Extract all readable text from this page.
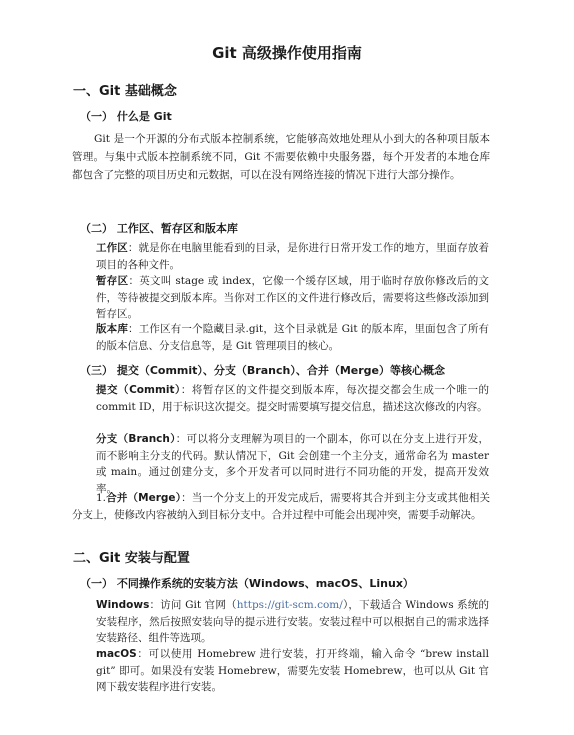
Git 高级操作使用指南
一、Git 基础概念
（一） 什么是 Git

Git 是一个开源的分布式版本控制系统，它能够高效地处理从小到大的各种项目版本管理。与集中式版本控制系统不同，Git 不需要依赖中央服务器，每个开发者的本地仓库都包含了完整的项目历史和元数据，可以在没有网络连接的情况下进行大部分操作。

（二） 工作区、暂存区和版本库
工作区：就是你在电脑里能看到的目录，是你进行日常开发工作的地方，里面存放着项目的各种文件。
暂存区：英文叫 stage 或 index，它像一个缓存区域，用于临时存放你修改后的文件，等待被提交到版本库。当你对工作区的文件进行修改后，需要将这些修改添加到暂存区。
版本库：工作区有一个隐藏目录.git，这个目录就是 Git 的版本库，里面包含了所有的版本信息、分支信息等，是 Git 管理项目的核心。
（三） 提交（Commit）、分支（Branch）、合并（Merge）等核心概念
提交（Commit）：将暂存区的文件提交到版本库，每次提交都会生成一个唯一的 commit ID，用于标识这次提交。提交时需要填写提交信息，描述这次修改的内容。
分支（Branch）：可以将分支理解为项目的一个副本，你可以在分支上进行开发，而不影响主分支的代码。默认情况下，Git 会创建一个主分支，通常命名为 master 或 main。通过创建分支，多个开发者可以同时进行不同功能的开发，提高开发效率。
1.合并（Merge）：当一个分支上的开发完成后，需要将其合并到主分支或其他相关分支上，使修改内容被纳入到目标分支中。合并过程中可能会出现冲突，需要手动解决。
二、Git 安装与配置
（一） 不同操作系统的安装方法（Windows、macOS、Linux）
Windows：访问 Git 官网（https://git-scm.com/），下载适合 Windows 系统的安装程序，然后按照安装向导的提示进行安装。安装过程中可以根据自己的需求选择安装路径、组件等选项。
macOS：可以使用 Homebrew 进行安装，打开终端，输入命令 “brew install git” 即可。如果没有安装 Homebrew，需要先安装 Homebrew，也可以从 Git 官网下载安装程序进行安装。
